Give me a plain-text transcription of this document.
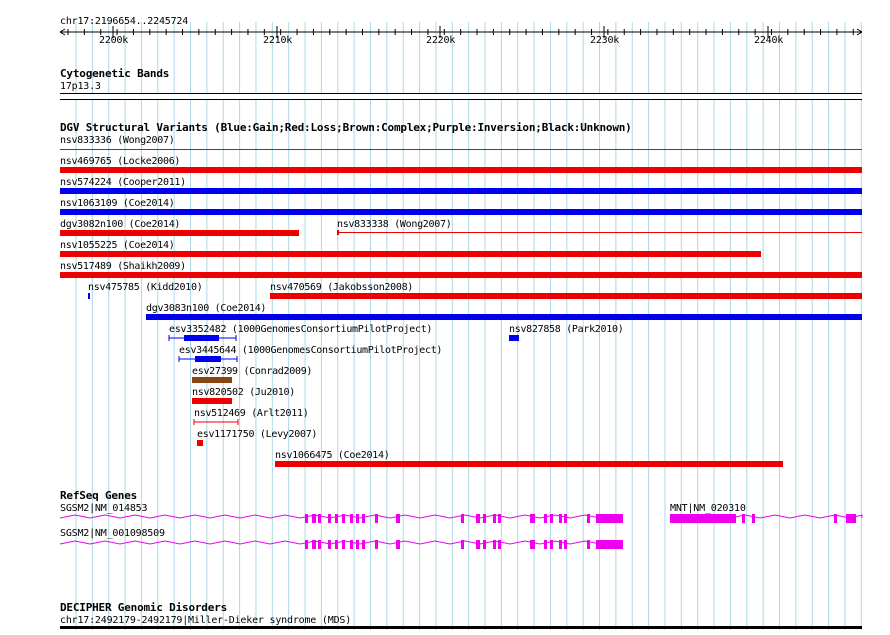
chr17:2196654..2245724
2200k	2210k	2220k	2230k	2240k
Cytogenetic Bands
17p13.3
DGV Structural Variants (Blue:Gain;Red:Loss;Brown:Complex;Purple:Inversion;Black:Unknown)
nsv833336 (Wong2007)
nsv469765 (Locke2006)
nsv574224 (Cooper2011)
nsv1063109 (Coe2014)
dgv3082n100 (Coe2014)	nsv833338 (Wong2007)
nsv1055225 (Coe2014)
nsv517489 (Shaikh2009)
nsv475785 (Kidd2010)	nsv470569 (Jakobsson2008)
dgv3083n100 (Coe2014)
esv3352482 (1000GenomesConsortiumPilotProject)	nsv827858 (Park2010)
esv3445644 (1000GenomesConsortiumPilotProject)
esv27399 (Conrad2009)
nsv820502 (Ju2010)
nsv512469 (Arlt2011)
esv1171750 (Levy2007)
nsv1066475 (Coe2014)
RefSeq Genes
SGSM2|NM_014853	MNT|NM_020310
SGSM2|NM_001098509
DECIPHER Genomic Disorders
chr17:2492179-2492179|Miller-Dieker syndrome (MDS)
